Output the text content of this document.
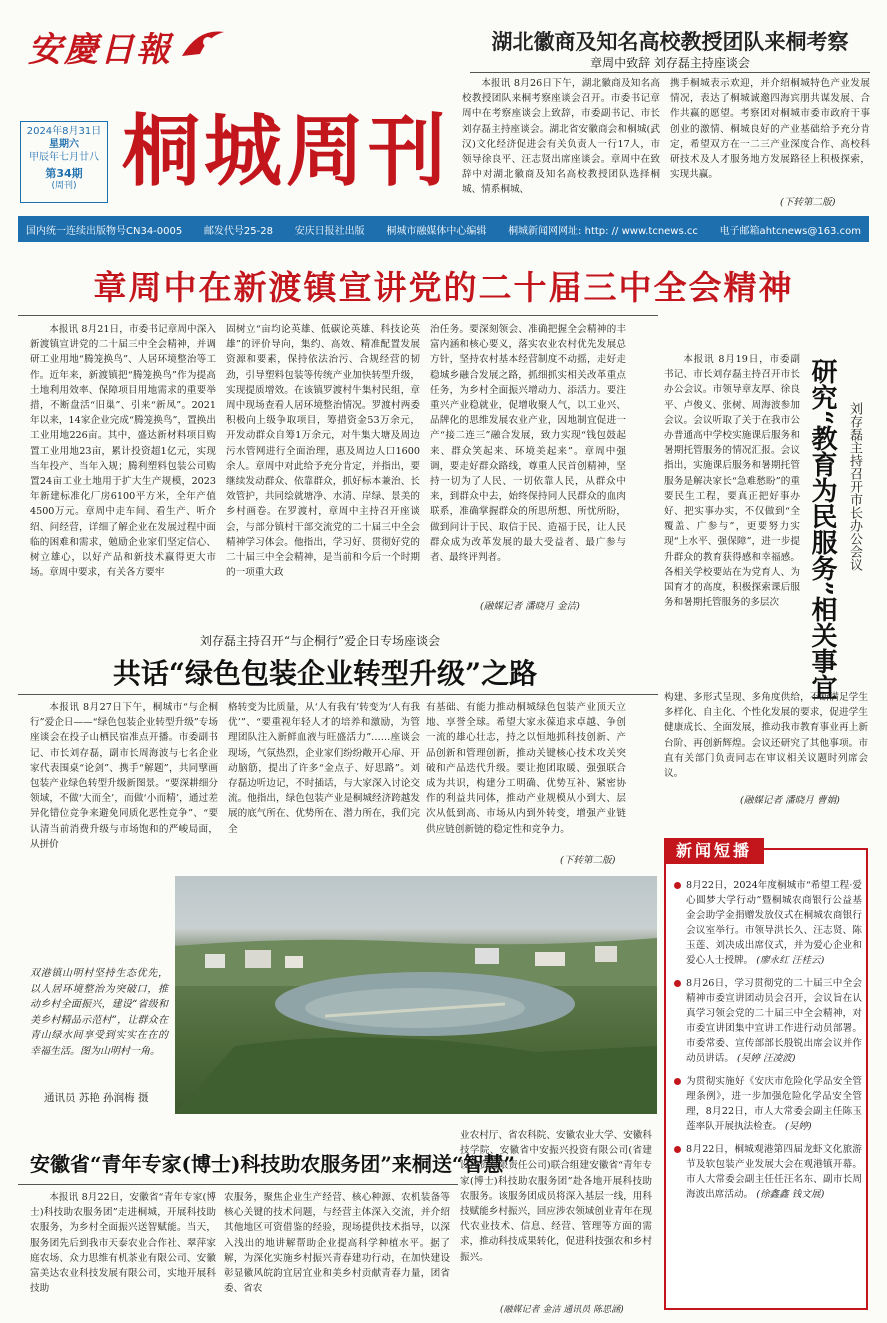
安慶日報
2024年8月31日
星期六
甲辰年七月廿八
第34期
(周刊) 桐城周刊
湖北徽商及知名高校教授团队来桐考察
章周中致辞 刘存磊主持座谈会
本报讯 8月26日下午，湖北徽商及知名高校教授团队来桐考察座谈会召开。市委书记章周中在考察座谈会上致辞，市委副书记、市长刘存磊主持座谈会。湖北省安徽商会和桐城(武汉)文化经济促进会有关负责人一行17人，市领导徐良平、汪志贤出席座谈会。章周中在致辞中对湖北徽商及知名高校教授团队选择桐城、情系桐城、
携手桐城表示欢迎，并介绍桐城特色产业发展情况，表达了桐城诚邀四海宾朋共谋发展、合作共赢的愿望。考察团对桐城市委市政府干事创业的激情、桐城良好的产业基础给予充分肯定，希望双方在一二三产业深度合作、高校科研技术及人才服务地方发展路径上积极探索，实现共赢。
(下转第二版)
国内统一连续出版物号CN34-0005 邮发代号25-28 安庆日报社出版 桐城市融媒体中心编辑 桐城新闻网网址: http: // www.tcnews.cc 电子邮箱ahtcnews@163.com
章周中在新渡镇宣讲党的二十届三中全会精神
本报讯 8月21日，市委书记章周中深入新渡镇宣讲党的二十届三中全会精神，并调研工业用地“腾笼换鸟”、人居环境整治等工作。近年来，新渡镇把“腾笼换鸟”作为提高土地利用效率、保障项目用地需求的重要举措，不断盘活“旧巢”、引来“新凤”。2021年以来，14家企业完成“腾笼换鸟”，置换出工业用地226亩。其中，盛达新材料项目购置工业用地23亩，累计投资超1亿元，实现当年投产、当年入规；腾利塑料包装公司购置24亩工业土地用于扩大生产规模，2023年新建标准化厂房6100平方米，全年产值4500万元。章周中走车间、看生产、听介绍、问经营，详细了解企业在发展过程中面临的困难和需求，勉励企业家们坚定信心、树立雄心，以好产品和新技术赢得更大市场。章周中要求，有关各方要牢
固树立“亩均论英雄、低碳论英雄、科技论英雄”的评价导向，集约、高效、精准配置发展资源和要素，保持依法治污、合规经营的韧劲，引导塑料包装等传统产业加快转型升级，实现提质增效。在该镇罗渡村牛集村民组，章周中现场查看人居环境整治情况。罗渡村两委积极向上级争取项目，筹措资金53万余元，开发动群众自筹1万余元，对牛集大塘及周边污水管网进行全面治理，惠及周边人口1600余人。章周中对此给予充分肯定，并指出，要继续发动群众、依靠群众，抓好标本兼治、长效管护，共同绘就塘净、水清、岸绿、景美的乡村画卷。在罗渡村，章周中主持召开座谈会，与部分镇村干部交流党的二十届三中全会精神学习体会。他指出，学习好、贯彻好党的二十届三中全会精神，是当前和今后一个时期的一项重大政
治任务。要深刻领会、准确把握全会精神的丰富内涵和核心要义，落实农业农村优先发展总方针，坚持农村基本经营制度不动摇，走好走稳城乡融合发展之路，抓细抓实相关改革重点任务，为乡村全面振兴增动力、添活力。要注重兴产业稳就业，促增收聚人气，以工业兴、品牌化的思维发展农业产业，因地制宜促进一产“接二连三”融合发展，致力实现“钱包鼓起来、群众笑起来、环境美起来”。章周中强调，要走好群众路线，尊重人民首创精神，坚持一切为了人民、一切依靠人民，从群众中来，到群众中去，始终保持同人民群众的血肉联系，准确掌握群众的所思所想、所忧所盼，做到问计于民、取信于民、造福于民，让人民群众成为改革发展的最大受益者、最广参与者、最终评判者。
(融媒记者 潘晓月 金洁)
本报讯 8月19日，市委副书记、市长刘存磊主持召开市长办公会议。市领导章友厚、徐良平、卢俊义、张树、周海波参加会议。会议听取了关于在我市公办普通高中学校实施课后服务和暑期托管服务的情况汇报。会议指出，实施课后服务和暑期托管服务是解决家长“急难愁盼”的重要民生工程，要真正把好事办好、把实事办实，不仅做到“全覆盖、广参与”，更要努力实现“上水平、强保障”，进一步提升群众的教育获得感和幸福感。各相关学校要站在为党育人、为国育才的高度，积极探索课后服务和暑期托管服务的多层次	研究“教育为民服务”相关事宜 刘存磊主持召开市长办公会议
构建、多形式呈现、多角度供给，不断满足学生多样化、自主化、个性化发展的要求，促进学生健康成长、全面发展，推动我市教育事业再上新台阶、再创新辉煌。会议还研究了其他事项。市直有关部门负责同志在审议相关议题时列席会议。
(融媒记者 潘晓月 曹娟)
刘存磊主持召开“与企桐行”爱企日专场座谈会
共话“绿色包装企业转型升级”之路
本报讯 8月27日下午，桐城市“与企桐行”爱企日——“绿色包装企业转型升级”专场座谈会在投子山栖民宿准点开播。市委副书记、市长刘存磊，副市长周海波与七名企业家代表围桌“论剑”、携手“解题”，共同擘画包装产业绿色转型升级新图景。“要深耕细分领域，不做‘大而全’，而做‘小而精’，通过差异化错位竞争来避免同质化恶性竞争”、“要认清当前消费升级与市场饱和的严峻局面，从拼价
格转变为比质量，从‘人有我有’转变为‘人有我优’”、“要重视年轻人才的培养和激励，为管理团队注入新鲜血液与旺盛活力”……座谈会现场，气氛热烈，企业家们纷纷敞开心扉、开动脑筋，提出了许多“金点子、好思路”。刘存磊边听边记，不时插话，与大家深入讨论交流。他指出，绿色包装产业是桐城经济跨越发展的底气所在、优势所在、潜力所在，我们完全
有基础、有能力推动桐城绿色包装产业顶天立地、享誉全球。希望大家永葆追求卓越、争创一流的雄心壮志，持之以恒地抓科技创新、产品创新和管理创新，推动关键核心技术攻关突破和产品迭代升级。要让抱团取暖、强强联合成为共识，构建分工明确、优势互补、紧密协作的利益共同体，推动产业规模从小到大、层次从低到高、市场从内到外转变，增强产业链供应链创新链的稳定性和竞争力。
(下转第二版)
新闻短播
8月22日，2024年度桐城市“希望工程·爱心圆梦大学行动”暨桐城农商银行公益基金会助学金捐赠发放仪式在桐城农商银行会议室举行。市领导洪长久、汪志贤、陈玉莲、刘决成出席仪式，并为爱心企业和爱心人士授牌。 (廖永红 汪桂云)
8月26日，学习贯彻党的二十届三中全会精神市委宣讲团动员会召开，会议旨在认真学习领会党的二十届三中全会精神，对市委宣讲团集中宣讲工作进行动员部署。市委常委、宣传部部长殷锐出席会议并作动员讲话。 (吴婷 汪凌波)
为贯彻实施好《安庆市危险化学品安全管理条例》，进一步加强危险化学品安全管理，8月22日，市人大常委会副主任陈玉莲率队开展执法检查。 (吴婷)
8月22日，桐城观港第四届龙虾文化旅游节及软包装产业发展大会在观港镇开幕。市人大常委会副主任任汪名东、副市长周海波出席活动。 (徐鑫鑫 钱文展)
双港镇山明村坚持生态优先，以人居环境整治为突破口，推动乡村全面振兴，建设“省级和美乡村精品示范村”，让群众在青山绿水间享受到实实在在的幸福生活。图为山明村一角。
通讯员 苏艳 孙润梅 摄
安徽省“青年专家(博士)科技助农服务团”来桐送“智慧”
业农村厅、省农科院、安徽农业大学、安徽科技学院、安徽省中安振兴投资有限公司(省建设投资有限责任公司)联合组建安徽省“青年专家(博士)科技助农服务团”赴各地开展科技助农服务。该服务团成员将深入基层一线，用科技赋能乡村振兴，回应涉农领域创业青年在现代农业技术、信息、经营、管理等方面的需求，推动科技成果转化，促进科技强农和乡村振兴。
本报讯 8月22日，安徽省“青年专家(博士)科技助农服务团”走进桐城，开展科技助农服务，为乡村全面振兴送智赋能。当天，服务团先后到我市天泰农业合作社、翠萍家庭农场、众力思维有机茶业有限公司、安徽富美达农业科技发展有限公司，实地开展科技助
农服务，聚焦企业生产经营、核心种源、农机装备等核心关键的技术问题，与经营主体深入交流，并介绍其他地区可资借鉴的经验，现场提供技术指导，以深入浅出的地讲解帮助企业提高科学种植水平。据了解，为深化实施乡村振兴青春建功行动，在加快建设彰显徽风皖韵宜居宜业和美乡村贡献青春力量，团省委、省农
(融媒记者 金洁 通讯员 陈思涵)
